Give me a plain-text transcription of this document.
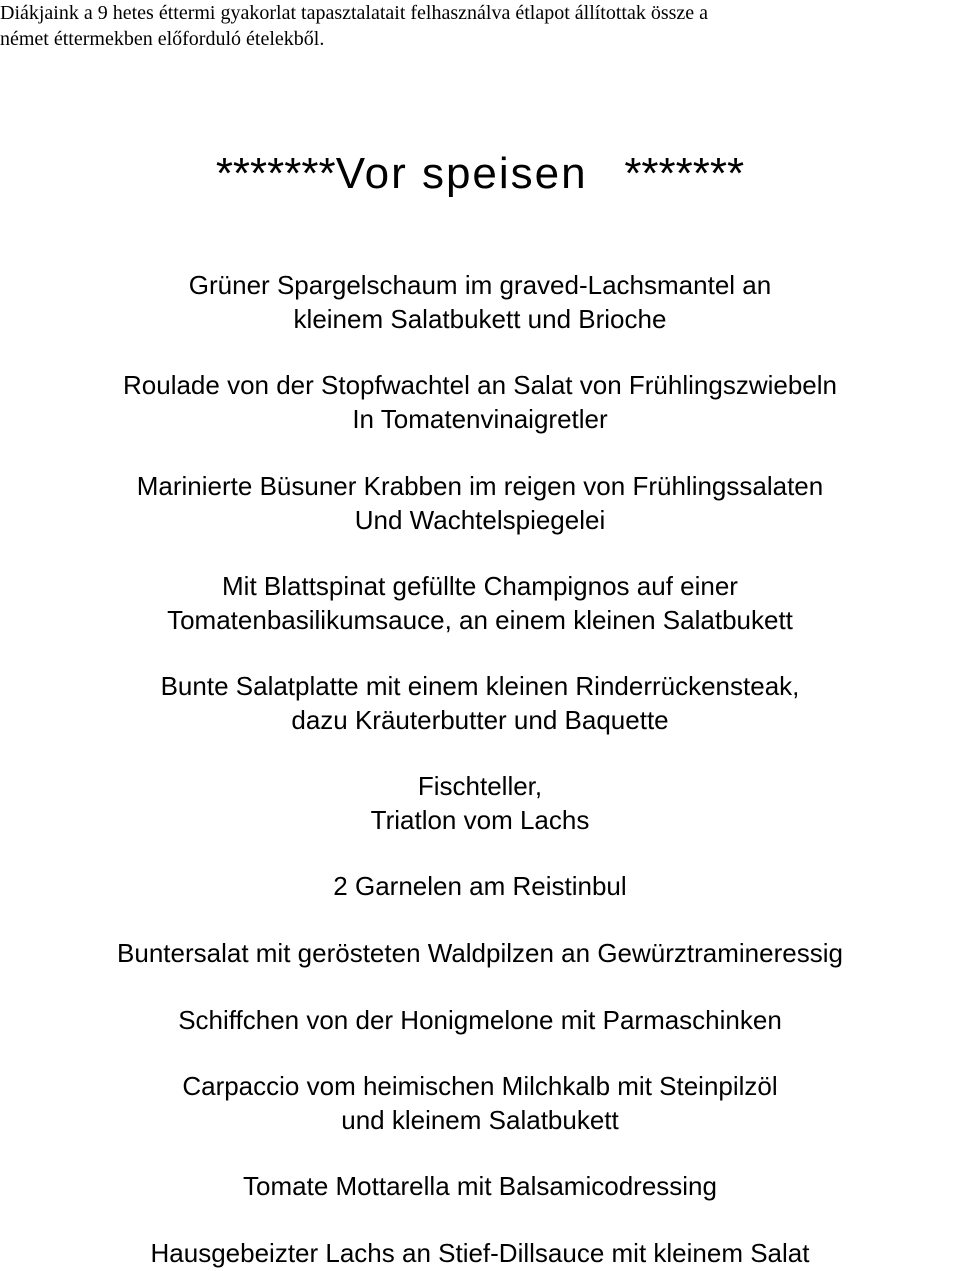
Diákjaink a 9 hetes éttermi gyakorlat tapasztalatait felhasználva étlapot állítottak össze a
német éttermekben előforduló ételekből.
*******Vor speisen *******
Grüner Spargelschaum im graved-Lachsmantel an
kleinem Salatbukett und Brioche
Roulade von der Stopfwachtel an Salat von Frühlingszwiebeln
In Tomatenvinaigretler
Marinierte Büsuner Krabben im reigen von Frühlingssalaten
Und Wachtelspiegelei
Mit Blattspinat gefüllte Champignos auf einer
Tomatenbasilikumsauce, an einem kleinen Salatbukett
Bunte Salatplatte mit einem kleinen Rinderrückensteak,
dazu Kräuterbutter und Baquette
Fischteller,
Triatlon vom Lachs
2 Garnelen am Reistinbul
Buntersalat mit gerösteten Waldpilzen an Gewürztramineressig
Schiffchen von der Honigmelone mit Parmaschinken
Carpaccio vom heimischen Milchkalb mit Steinpilzöl
und kleinem Salatbukett
Tomate Mottarella mit Balsamicodressing
Hausgebeizter Lachs an Stief-Dillsauce mit kleinem Salat
